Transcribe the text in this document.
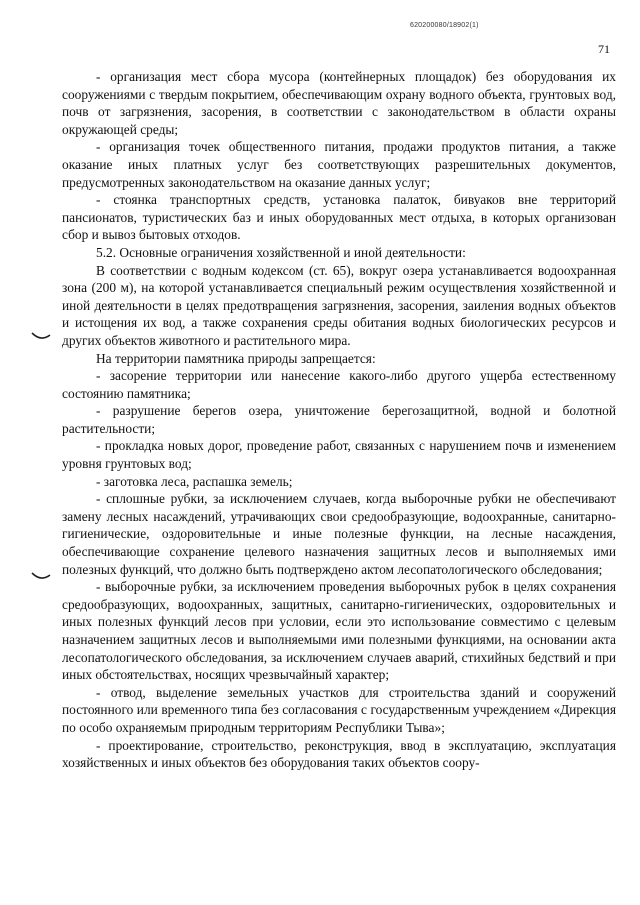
620200080/18902(1)
71

- организация мест сбора мусора (контейнерных площадок) без оборудования их сооружениями с твердым покрытием, обеспечивающим охрану водного объекта, грунтовых вод, почв от загрязнения, засорения, в соответствии с законодательством в области охраны окружающей среды;

- организация точек общественного питания, продажи продуктов питания, а также оказание иных платных услуг без соответствующих разрешительных документов, предусмотренных законодательством на оказание данных услуг;

- стоянка транспортных средств, установка палаток, бивуаков вне территорий пансионатов, туристических баз и иных оборудованных мест отдыха, в которых организован сбор и вывоз бытовых отходов.

5.2. Основные ограничения хозяйственной и иной деятельности:

В соответствии с водным кодексом (ст. 65), вокруг озера устанавливается водоохранная зона (200 м), на которой устанавливается специальный режим осуществления хозяйственной и иной деятельности в целях предотвращения загрязнения, засорения, заиления водных объектов и истощения их вод, а также сохранения среды обитания водных биологических ресурсов и других объектов животного и растительного мира.

На территории памятника природы запрещается:

- засорение территории или нанесение какого-либо другого ущерба естественному состоянию памятника;

- разрушение берегов озера, уничтожение берегозащитной, водной и болотной растительности;

- прокладка новых дорог, проведение работ, связанных с нарушением почв и изменением уровня грунтовых вод;

- заготовка леса, распашка земель;

- сплошные рубки, за исключением случаев, когда выборочные рубки не обеспечивают замену лесных насаждений, утрачивающих свои средообразующие, водоохранные, санитарно-гигиенические, оздоровительные и иные полезные функции, на лесные насаждения, обеспечивающие сохранение целевого назначения защитных лесов и выполняемых ими полезных функций, что должно быть подтверждено актом лесопатологического обследования;

- выборочные рубки, за исключением проведения выборочных рубок в целях сохранения средообразующих, водоохранных, защитных, санитарно-гигиенических, оздоровительных и иных полезных функций лесов при условии, если это использование совместимо с целевым назначением защитных лесов и выполняемыми ими полезными функциями, на основании акта лесопатологического обследования, за исключением случаев аварий, стихийных бедствий и при иных обстоятельствах, носящих чрезвычайный характер;

- отвод, выделение земельных участков для строительства зданий и сооружений постоянного или временного типа без согласования с государственным учреждением «Дирекция по особо охраняемым природным территориям Республики Тыва»;

- проектирование, строительство, реконструкция, ввод в эксплуатацию, эксплуатация хозяйственных и иных объектов без оборудования таких объектов соору-
